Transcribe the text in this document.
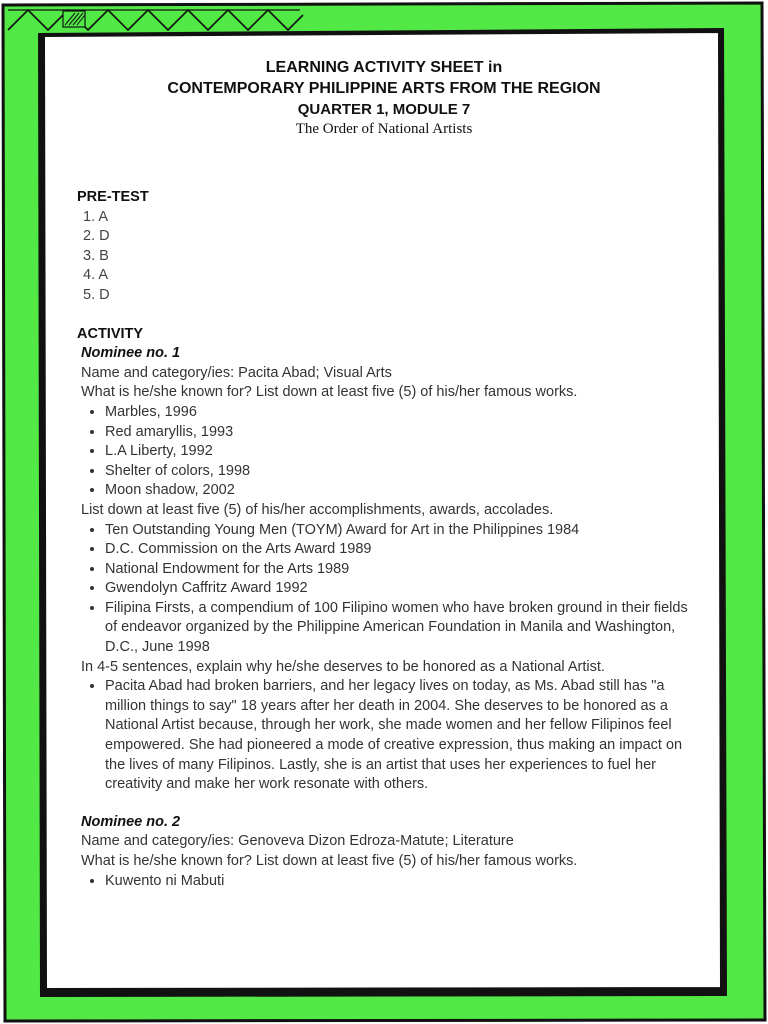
LEARNING ACTIVITY SHEET in
CONTEMPORARY PHILIPPINE ARTS FROM THE REGION
QUARTER 1, MODULE 7
The Order of National Artists
PRE-TEST
1. A
2. D
3. B
4. A
5. D
ACTIVITY
Nominee no. 1
Name and category/ies: Pacita Abad; Visual Arts
What is he/she known for? List down at least five (5) of his/her famous works.
• Marbles, 1996
• Red amaryllis, 1993
• L.A Liberty, 1992
• Shelter of colors, 1998
• Moon shadow, 2002
List down at least five (5) of his/her accomplishments, awards, accolades.
• Ten Outstanding Young Men (TOYM) Award for Art in the Philippines 1984
• D.C. Commission on the Arts Award 1989
• National Endowment for the Arts 1989
• Gwendolyn Caffritz Award 1992
• Filipina Firsts, a compendium of 100 Filipino women who have broken ground in their fields of endeavor organized by the Philippine American Foundation in Manila and Washington, D.C., June 1998
In 4-5 sentences, explain why he/she deserves to be honored as a National Artist.
• Pacita Abad had broken barriers, and her legacy lives on today, as Ms. Abad still has "a million things to say" 18 years after her death in 2004. She deserves to be honored as a National Artist because, through her work, she made women and her fellow Filipinos feel empowered. She had pioneered a mode of creative expression, thus making an impact on the lives of many Filipinos. Lastly, she is an artist that uses her experiences to fuel her creativity and make her work resonate with others.
Nominee no. 2
Name and category/ies: Genoveva Dizon Edroza-Matute; Literature
What is he/she known for? List down at least five (5) of his/her famous works.
• Kuwento ni Mabuti
